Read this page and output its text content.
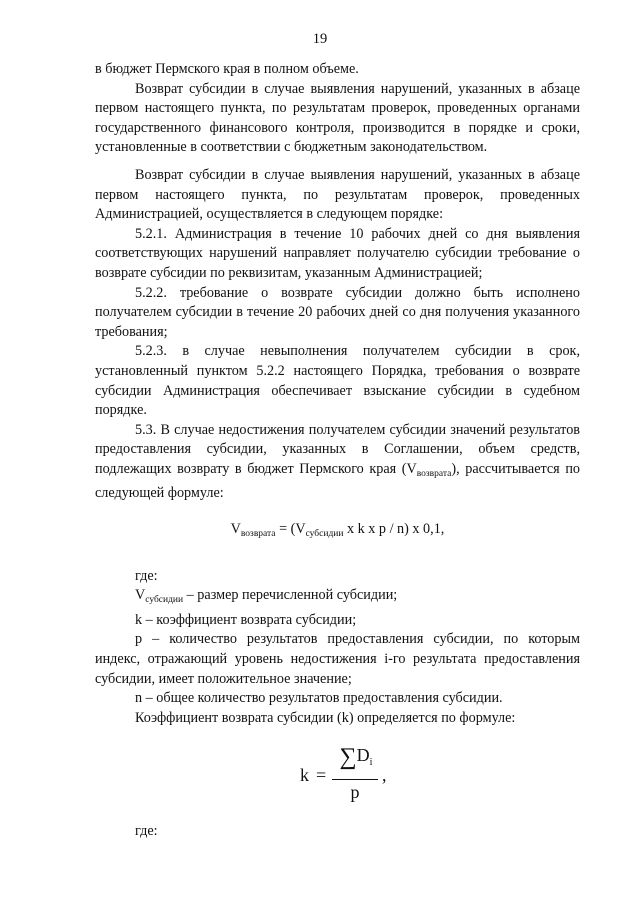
19

в бюджет Пермского края в полном объеме.

Возврат субсидии в случае выявления нарушений, указанных в абзаце первом настоящего пункта, по результатам проверок, проведенных органами государственного финансового контроля, производится в порядке и сроки, установленные в соответствии с бюджетным законодательством.

Возврат субсидии в случае выявления нарушений, указанных в абзаце первом настоящего пункта, по результатам проверок, проведенных Администрацией, осуществляется в следующем порядке:

5.2.1. Администрация в течение 10 рабочих дней со дня выявления соответствующих нарушений направляет получателю субсидии требование о возврате субсидии по реквизитам, указанным Администрацией;

5.2.2. требование о возврате субсидии должно быть исполнено получателем субсидии в течение 20 рабочих дней со дня получения указанного требования;

5.2.3. в случае невыполнения получателем субсидии в срок, установленный пунктом 5.2.2 настоящего Порядка, требования о возврате субсидии Администрация обеспечивает взыскание субсидии в судебном порядке.

5.3. В случае недостижения получателем субсидии значений результатов предоставления субсидии, указанных в Соглашении, объем средств, подлежащих возврату в бюджет Пермского края $(V_{возврата})$, рассчитывается по следующей формуле:

$V_{возврата} = (V_{субсидии}$ x k x p / n) x 0,1,

где:

$V_{субсидии}$ – размер перечисленной субсидии;

k – коэффициент возврата субсидии;

p – количество результатов предоставления субсидии, по которым индекс, отражающий уровень недостижения i-го результата предоставления субсидии, имеет положительное значение;

n – общее количество результатов предоставления субсидии.

Коэффициент возврата субсидии (k) определяется по формуле:

k =
$\sum D_i$
p
,

где:
